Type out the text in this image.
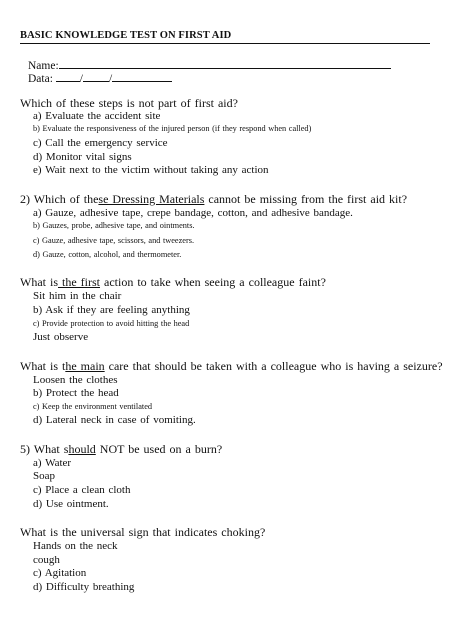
BASIC KNOWLEDGE TEST ON FIRST AID
Name:
Data: / /
Which of these steps is not part of first aid?
a) Evaluate the accident site
b) Evaluate the responsiveness of the injured person (if they respond when called)
c) Call the emergency service
d) Monitor vital signs
e) Wait next to the victim without taking any action
2) Which of these Dressing Materials cannot be missing from the first aid kit?
a) Gauze, adhesive tape, crepe bandage, cotton, and adhesive bandage.
b) Gauzes, probe, adhesive tape, and ointments.
c) Gauze, adhesive tape, scissors, and tweezers.
d) Gauze, cotton, alcohol, and thermometer.
What is the first action to take when seeing a colleague faint?
Sit him in the chair
b) Ask if they are feeling anything
c) Provide protection to avoid hitting the head
Just observe
What is the main care that should be taken with a colleague who is having a seizure?
Loosen the clothes
b) Protect the head
c) Keep the environment ventilated
d) Lateral neck in case of vomiting.
5) What should NOT be used on a burn?
a) Water
Soap
c) Place a clean cloth
d) Use ointment.
What is the universal sign that indicates choking?
Hands on the neck
cough
c) Agitation
d) Difficulty breathing
